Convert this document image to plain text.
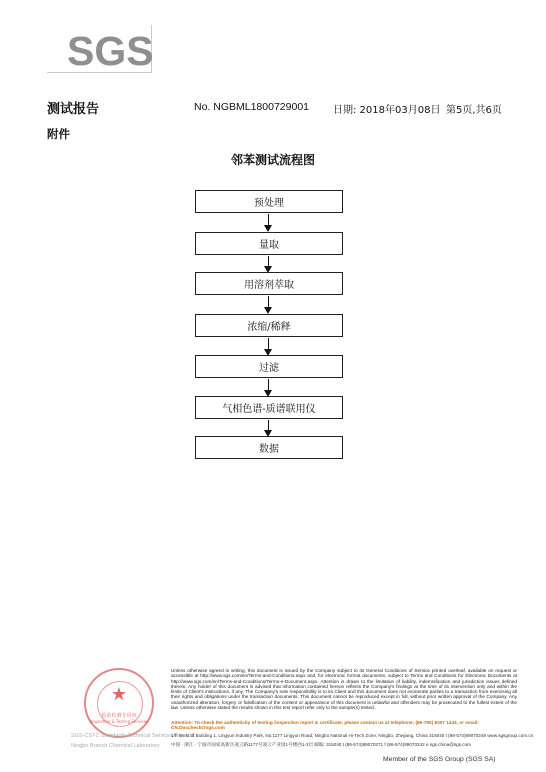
SGS
测试报告	No. NGBML1800729001 日期: 2018年03月08日 第5页,共6页
附件
邻苯测试流程图
预处理
量取
用溶剂萃取
浓缩/稀释
过滤
气相色谱-质谱联用仪
数据
★
检验检测专用章
Inspection & Testing Services
SGS-CSTC Standards Technical Services Co., Ltd.
Ningbo Branch Chemical Laboratory
Unless otherwise agreed in writing, this document is issued by the Company subject to its General Conditions of Service printed overleaf, available on request or accessible at http://www.sgs.com/en/Terms-and-Conditions.aspx and, for electronic format documents, subject to Terms and Conditions for Electronic Documents at http://www.sgs.com/en/Terms-and-Conditions/Terms-e-Document.aspx. Attention is drawn to the limitation of liability, indemnification and jurisdiction issues defined therein. Any holder of this document is advised that information contained hereon reflects the Company's findings at the time of its intervention only and within the limits of Client's instructions, if any. The Company's sole responsibility is to its Client and this document does not exonerate parties to a transaction from exercising all their rights and obligations under the transaction documents. This document cannot be reproduced except in full, without prior written approval of the Company. Any unauthorized alteration, forgery or falsification of the content or appearance of this document is unlawful and offenders may be prosecuted to the fullest extent of the law. Unless otherwise stated the results shown in this test report refer only to the sample(s) tested .
Attention: To check the authenticity of testing /inspection report & certificate, please contact us at telephone: (86-755) 8307 1443, or email: CN.Doccheck@sgs.com
1/F West of Building 1, Lingyun Industry Park, No.1177 Lingyun Road, Ningbo National Hi-Tech Zone, Ningbo, Zhejiang, China 315040 t (86-574)89070249 www.sgsgroup.com.cn
中国 · 浙江 · 宁波市国家高新区凌云路1177号凌云产业园1号楼西1-3层 邮编: 315040 t (86-574)89070271 f (86-574)89070242 e sgs.china@sgs.com
Member of the SGS Group (SGS SA)
